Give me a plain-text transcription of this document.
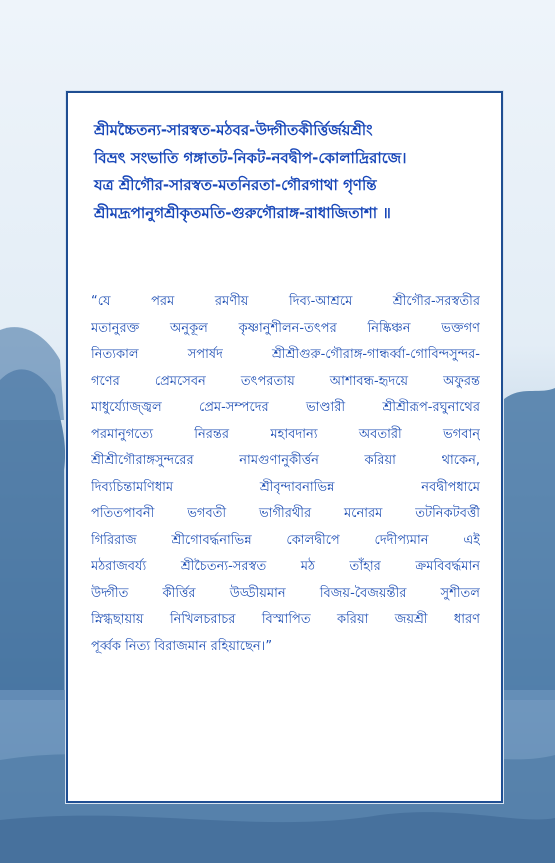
শ্রীমচ্চৈতন্য-সারস্বত-মঠবর-উদ্গীতকীর্ত্তির্জয়শ্রীং
বিভ্রৎ সংভাতি গঙ্গাতট-নিকট-নবদ্বীপ-কোলাদ্রিরাজে।
যত্র শ্রীগৌর-সারস্বত-মতনিরতা-গৌরগাথা গৃণন্তি
শ্রীমদ্রূপানুগশ্রীকৃতমতি-গুরুগৌরাঙ্গ-রাধাজিতাশা ॥
“যে পরম রমণীয় দিব্য-আশ্রমে শ্রীগৌর-সরস্বতীর
মতানুরক্ত অনুকূল কৃষ্ণানুশীলন-তৎপর নিষ্কিঞ্চন ভক্তগণ
নিত্যকাল সপার্ষদ শ্রীশ্রীগুরু-গৌরাঙ্গ-গান্ধর্ব্বা-গোবিন্দসুন্দর-
গণের প্রেমসেবন তৎপরতায় আশাবন্ধ-হৃদয়ে অফুরন্ত
মাধুর্য্যোজ্জ্বল প্রেম-সম্পদের ভাণ্ডারী শ্রীশ্রীরূপ-রঘুনাথের
পরমানুগত্যে নিরন্তর মহাবদান্য অবতারী ভগবান্
শ্রীশ্রীগৌরাঙ্গসুন্দরের নামগুণানুকীর্ত্তন করিয়া থাকেন,
দিব্যচিন্তামণিধাম শ্রীবৃন্দাবনাভিন্ন নবদ্বীপধামে
পতিতপাবনী ভগবতী ভাগীরথীর মনোরম তটনিকটবর্ত্তী
গিরিরাজ শ্রীগোবর্দ্ধনাভিন্ন কোলদ্বীপে দেদীপ্যমান এই
মঠরাজবর্য্য শ্রীচৈতন্য-সরস্বত মঠ তাঁহার ক্রমবিবর্দ্ধমান
উদ্গীত কীর্ত্তির উড্ডীয়মান বিজয়-বৈজয়ন্তীর সুশীতল
স্নিগ্ধছায়ায় নিখিলচরাচর বিস্মাপিত করিয়া জয়শ্রী ধারণ
পূর্ব্বক নিত্য বিরাজমান রহিয়াছেন।”
